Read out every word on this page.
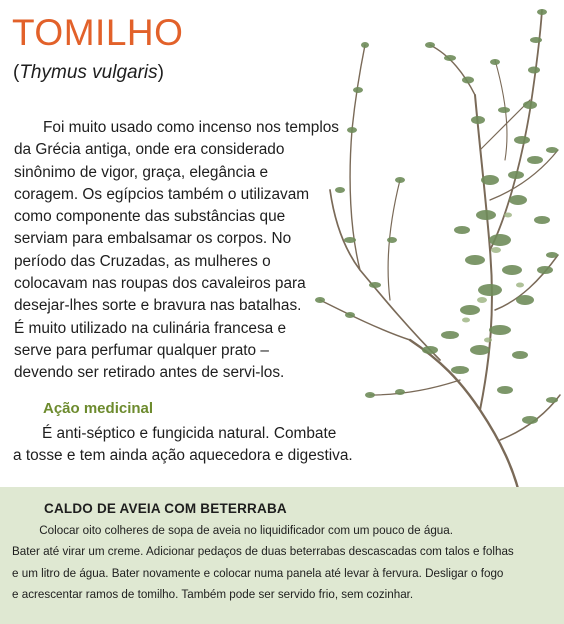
TOMILHO

(Thymus vulgaris)

Foi muito usado como incenso nos templos
da Grécia antiga, onde era considerado
sinônimo de vigor, graça, elegância e
coragem. Os egípcios também o utilizavam
como componente das substâncias que
serviam para embalsamar os corpos. No
período das Cruzadas, as mulheres o
colocavam nas roupas dos cavaleiros para
desejar-lhes sorte e bravura nas batalhas.
É muito utilizado na culinária francesa e
serve para perfumar qualquer prato –
devendo ser retirado antes de servi-los.

Ação medicinal

É anti-séptico e fungicida natural. Combate
a tosse e tem ainda ação aquecedora e digestiva.

CALDO DE AVEIA COM BETERRABA
Colocar oito colheres de sopa de aveia no liquidificador com um pouco de água.
Bater até virar um creme. Adicionar pedaços de duas beterrabas descascadas com talos e folhas
e um litro de água. Bater novamente e colocar numa panela até levar à fervura. Desligar o fogo
e acrescentar ramos de tomilho. Também pode ser servido frio, sem cozinhar.
